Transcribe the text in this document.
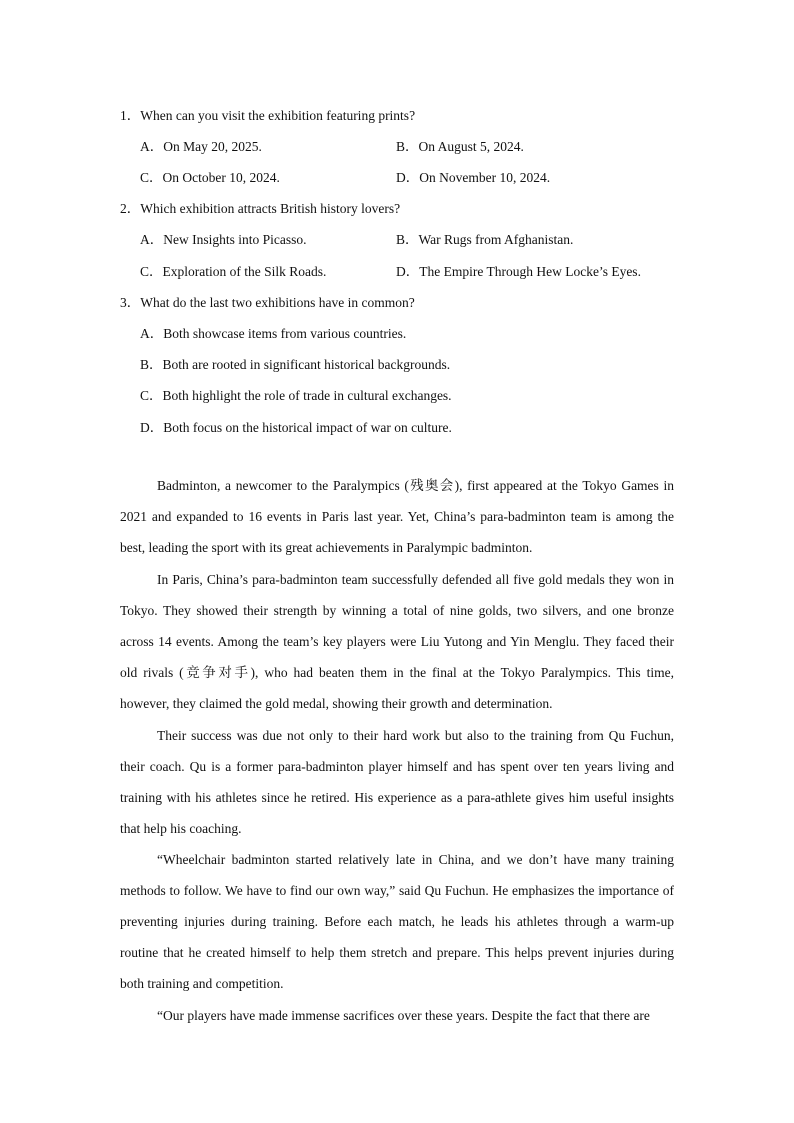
1．When can you visit the exhibition featuring prints?
A．On May 20, 2025.	B．On August 5, 2024.
C．On October 10, 2024.	D．On November 10, 2024.
2．Which exhibition attracts British history lovers?
A．New Insights into Picasso.	B．War Rugs from Afghanistan.
C．Exploration of the Silk Roads.	D．The Empire Through Hew Locke’s Eyes.
3．What do the last two exhibitions have in common?
A．Both showcase items from various countries.
B．Both are rooted in significant historical backgrounds.
C．Both highlight the role of trade in cultural exchanges.
D．Both focus on the historical impact of war on culture.

Badminton, a newcomer to the Paralympics (残奥会), first appeared at the Tokyo Games in 2021 and expanded to 16 events in Paris last year. Yet, China’s para-badminton team is among the best, leading the sport with its great achievements in Paralympic badminton.

In Paris, China’s para-badminton team successfully defended all five gold medals they won in Tokyo. They showed their strength by winning a total of nine golds, two silvers, and one bronze across 14 events. Among the team’s key players were Liu Yutong and Yin Menglu. They faced their old rivals (竞争对手), who had beaten them in the final at the Tokyo Paralympics. This time, however, they claimed the gold medal, showing their growth and determination.

Their success was due not only to their hard work but also to the training from Qu Fuchun, their coach. Qu is a former para-badminton player himself and has spent over ten years living and training with his athletes since he retired. His experience as a para-athlete gives him useful insights that help his coaching.

“Wheelchair badminton started relatively late in China, and we don’t have many training methods to follow. We have to find our own way,” said Qu Fuchun. He emphasizes the importance of preventing injuries during training. Before each match, he leads his athletes through a warm-up routine that he created himself to help them stretch and prepare. This helps prevent injuries during both training and competition.

“Our players have made immense sacrifices over these years. Despite the fact that there are
